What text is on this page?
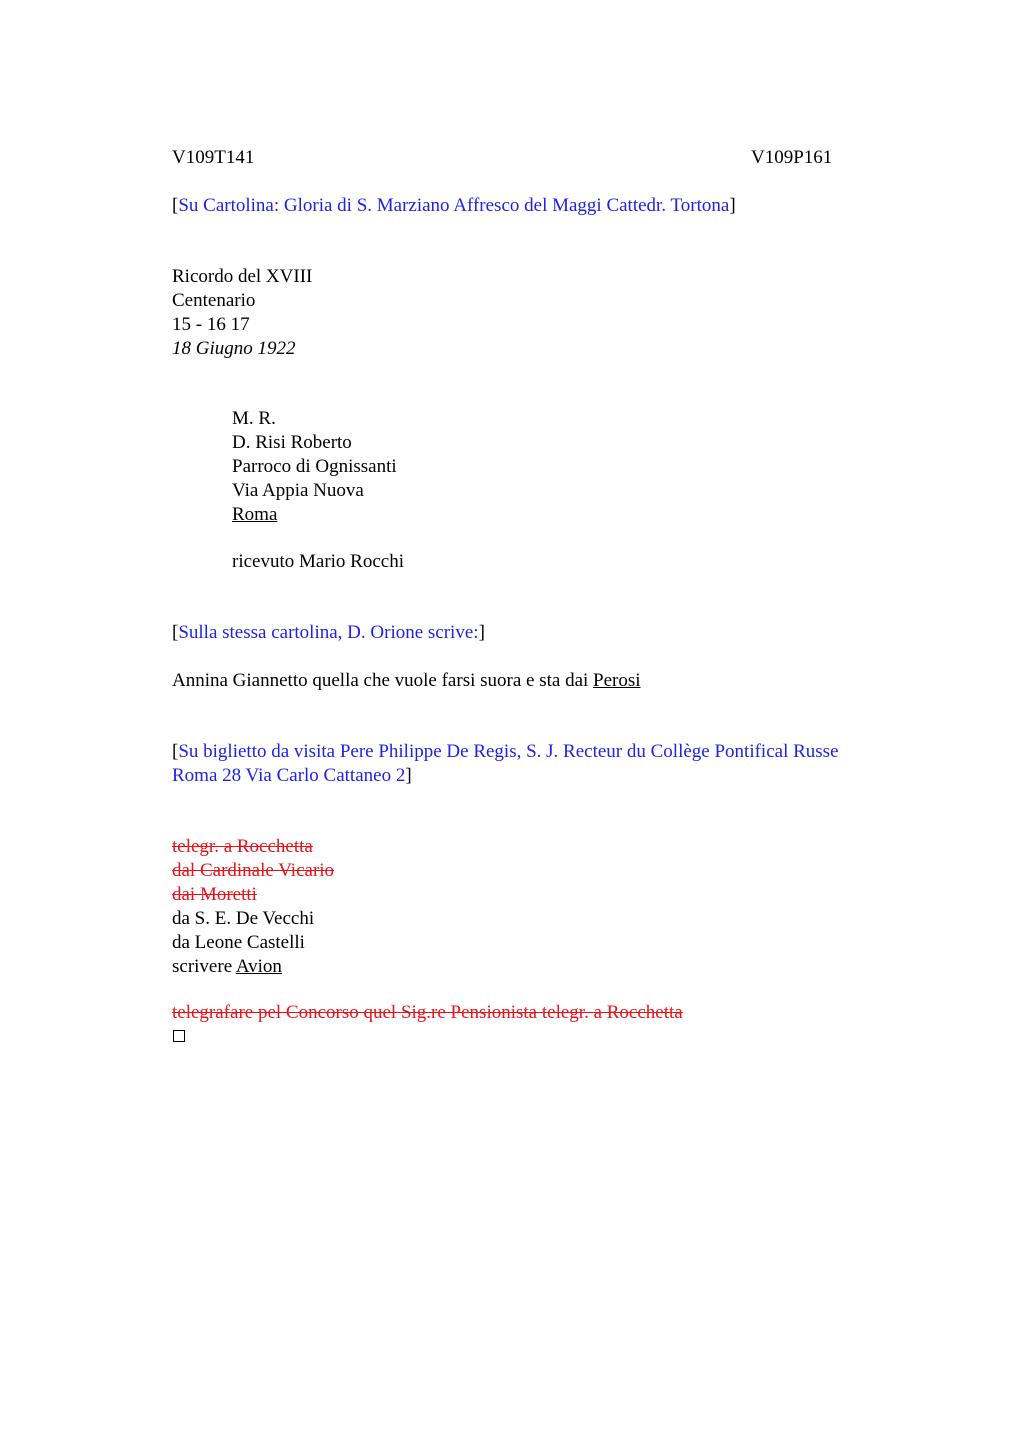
V109T141	V109P161
[Su Cartolina: Gloria di S. Marziano Affresco del Maggi Cattedr. Tortona]
Ricordo del XVIII
Centenario
15 - 16 17
18 Giugno 1922
M. R.
D. Risi Roberto
Parroco di Ognissanti
Via Appia Nuova
Roma
ricevuto Mario Rocchi
[Sulla stessa cartolina, D. Orione scrive:]
Annina Giannetto quella che vuole farsi suora e sta dai Perosi
[Su biglietto da visita Pere Philippe De Regis, S. J. Recteur du Collège Pontifical Russe
Roma 28 Via Carlo Cattaneo 2]
telegr. a Rocchetta
dal Cardinale Vicario
dai Moretti
da S. E. De Vecchi
da Leone Castelli
scrivere Avion
telegrafare pel Concorso quel Sig.re Pensionista telegr. a Rocchetta
